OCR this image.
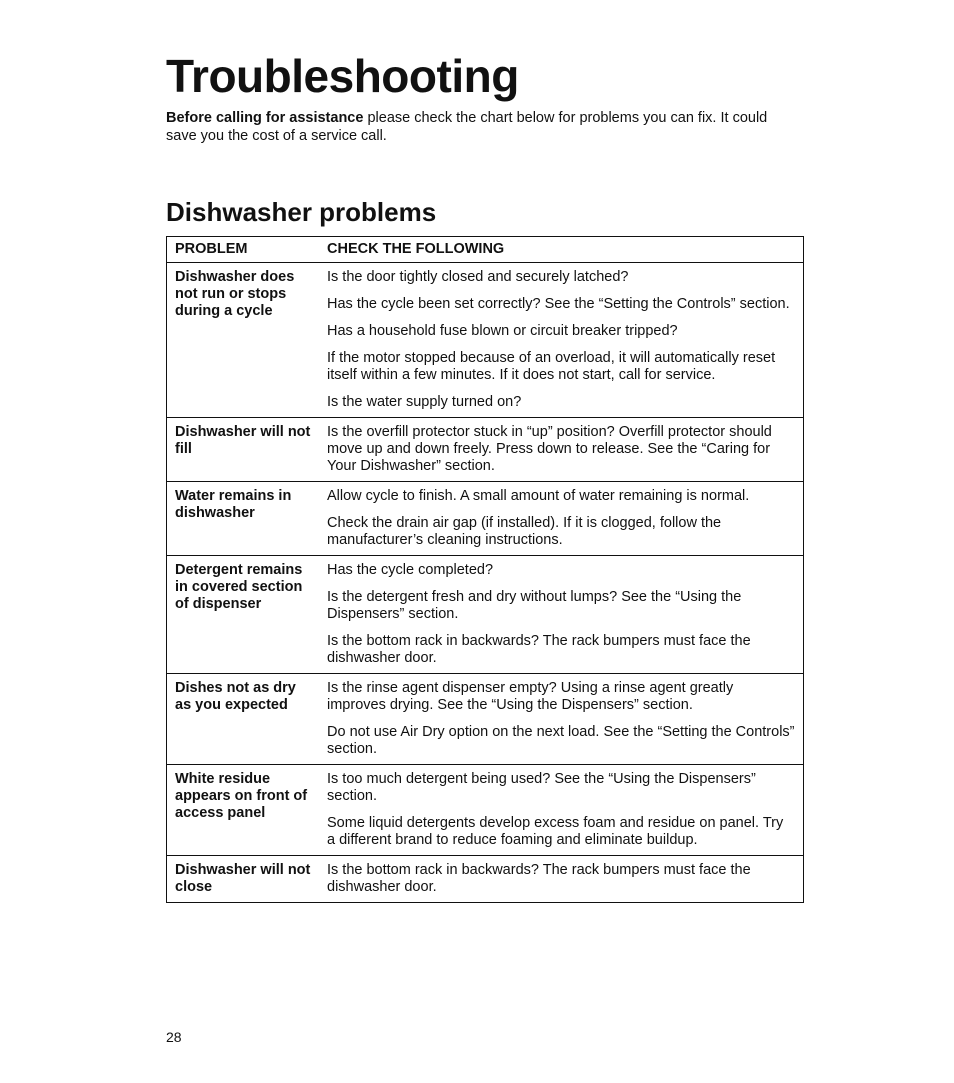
Troubleshooting

Before calling for assistance please check the chart below for problems you can fix. It could save you the cost of a service call.

Dishwasher problems
PROBLEM	CHECK THE FOLLOWING
Dishwasher does not run or stops during a cycle	Is the door tightly closed and securely latched?

Has the cycle been set correctly? See the “Setting the Controls” section.

Has a household fuse blown or circuit breaker tripped?

If the motor stopped because of an overload, it will automatically reset itself within a few minutes. If it does not start, call for service.

Is the water supply turned on?

Dishwasher will not fill	Is the overfill protector stuck in “up” position? Overfill protector should move up and down freely. Press down to release. See the “Caring for Your Dishwasher” section.

Water remains in dishwasher	Allow cycle to finish. A small amount of water remaining is normal.

Check the drain air gap (if installed). If it is clogged, follow the manufacturer’s cleaning instructions.

Detergent remains in covered section of dispenser	Has the cycle completed?

Is the detergent fresh and dry without lumps? See the “Using the Dispensers” section.

Is the bottom rack in backwards? The rack bumpers must face the dishwasher door.

Dishes not as dry as you expected	Is the rinse agent dispenser empty? Using a rinse agent greatly improves drying. See the “Using the Dispensers” section.

Do not use Air Dry option on the next load. See the “Setting the Controls” section.

White residue appears on front of access panel	Is too much detergent being used? See the “Using the Dispensers” section.

Some liquid detergents develop excess foam and residue on panel. Try a different brand to reduce foaming and eliminate buildup.

Dishwasher will not close	Is the bottom rack in backwards? The rack bumpers must face the dishwasher door.

28
